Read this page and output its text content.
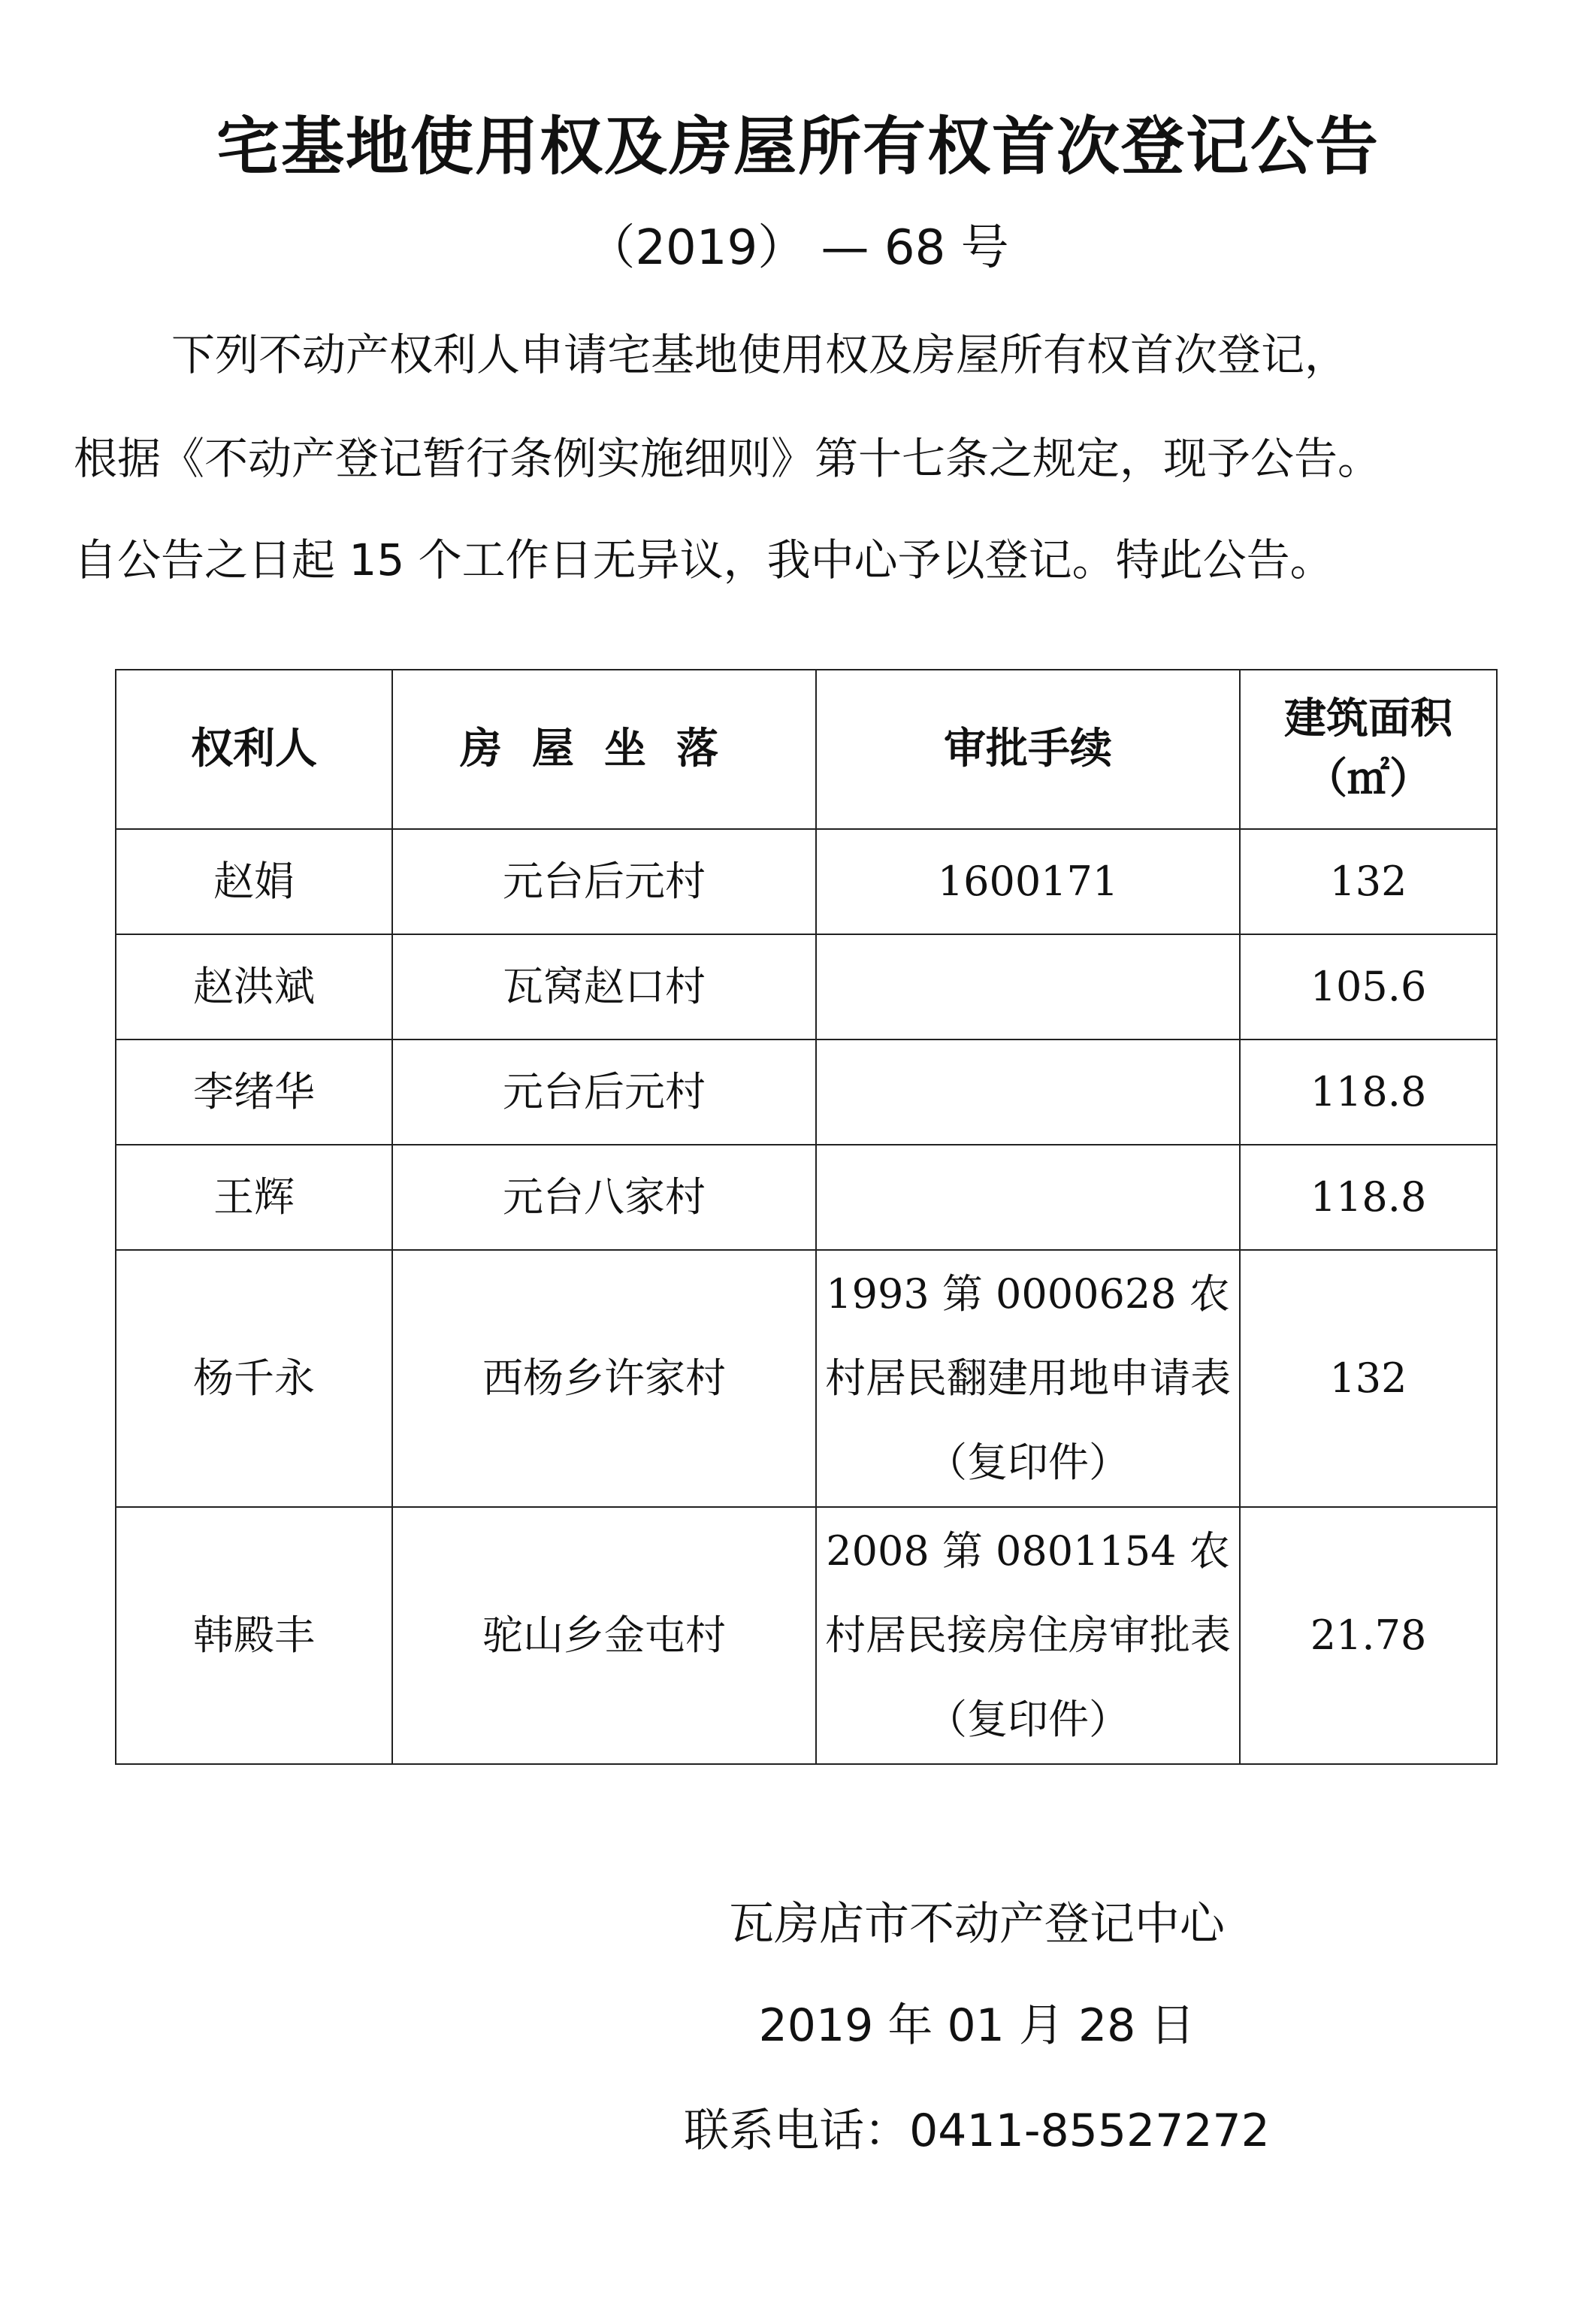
宅基地使用权及房屋所有权首次登记公告
（2019） — 68 号
下列不动产权利人申请宅基地使用权及房屋所有权首次登记，
根据《不动产登记暂行条例实施细则》第十七条之规定，现予公告。
自公告之日起 15 个工作日无异议，我中心予以登记。特此公告。
权利人	房屋坐落	审批手续	建筑面积
（㎡）

赵娟	元台后元村	1600171	132
赵洪斌	瓦窝赵口村		105.6
李绪华	元台后元村		118.8
王辉	元台八家村		118.8
杨千永	西杨乡许家村	1993 第 0000628 农村居民翻建用地申请表（复印件）	132
韩殿丰	驼山乡金屯村	2008 第 0801154 农村居民接房住房审批表（复印件）	21.78
瓦房店市不动产登记中心
2019 年 01 月 28 日
联系电话：0411-85527272
